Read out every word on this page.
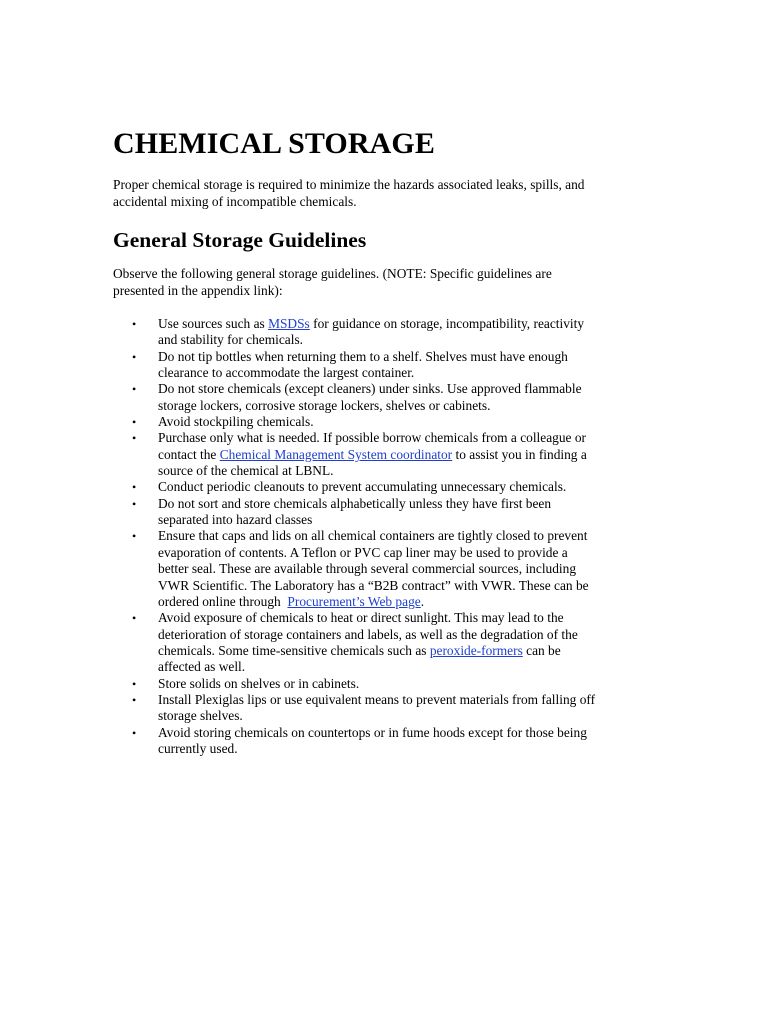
CHEMICAL STORAGE

Proper chemical storage is required to minimize the hazards associated leaks, spills, and
accidental mixing of incompatible chemicals.

General Storage Guidelines

Observe the following general storage guidelines. (NOTE: Specific guidelines are
presented in the appendix link):

• Use sources such as MSDSs for guidance on storage, incompatibility, reactivity
and stability for chemicals.
• Do not tip bottles when returning them to a shelf. Shelves must have enough
clearance to accommodate the largest container.
• Do not store chemicals (except cleaners) under sinks. Use approved flammable
storage lockers, corrosive storage lockers, shelves or cabinets.
• Avoid stockpiling chemicals.
• Purchase only what is needed. If possible borrow chemicals from a colleague or
contact the Chemical Management System coordinator to assist you in finding a
source of the chemical at LBNL.
• Conduct periodic cleanouts to prevent accumulating unnecessary chemicals.
• Do not sort and store chemicals alphabetically unless they have first been
separated into hazard classes
• Ensure that caps and lids on all chemical containers are tightly closed to prevent
evaporation of contents. A Teflon or PVC cap liner may be used to provide a
better seal. These are available through several commercial sources, including
VWR Scientific. The Laboratory has a “B2B contract” with VWR. These can be
ordered online through  Procurement’s Web page.
• Avoid exposure of chemicals to heat or direct sunlight. This may lead to the
deterioration of storage containers and labels, as well as the degradation of the
chemicals. Some time-sensitive chemicals such as peroxide-formers can be
affected as well.
• Store solids on shelves or in cabinets.
• Install Plexiglas lips or use equivalent means to prevent materials from falling off
storage shelves.
• Avoid storing chemicals on countertops or in fume hoods except for those being
currently used.
